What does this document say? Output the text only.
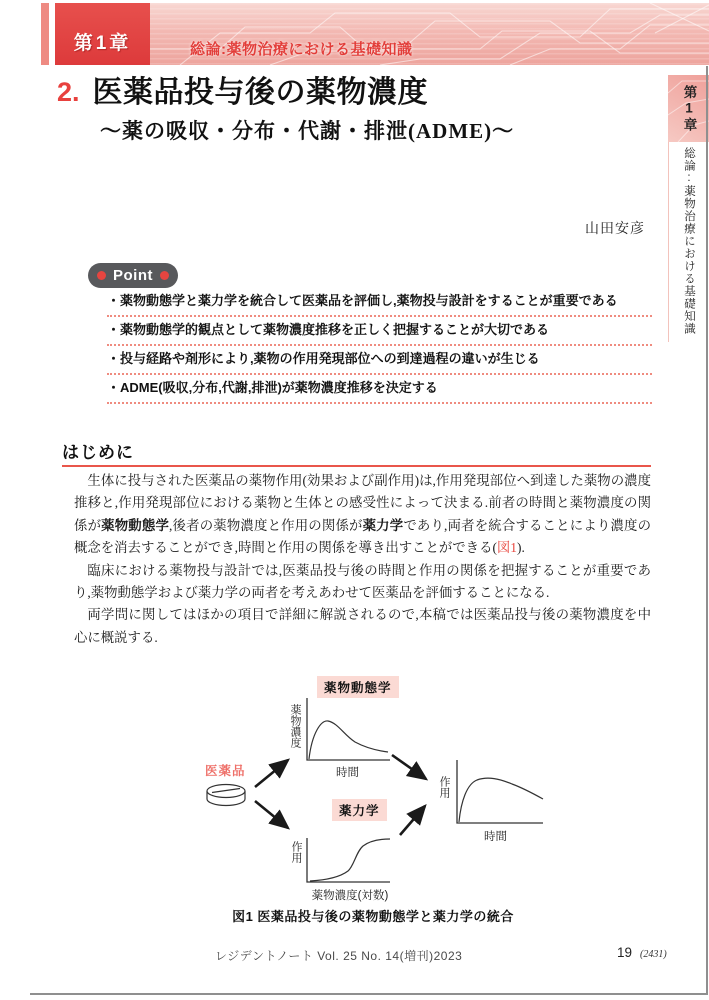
第1章	総論:薬物治療における基礎知識
第1章
総論:薬物治療における基礎知識
2. 医薬品投与後の薬物濃度
〜薬の吸収・分布・代謝・排泄(ADME)〜
山田安彦
Point
・薬物動態学と薬力学を統合して医薬品を評価し,薬物投与設計をすることが重要である
・薬物動態学的観点として薬物濃度推移を正しく把握することが大切である
・投与経路や剤形により,薬物の作用発現部位への到達過程の違いが生じる
・ADME(吸収,分布,代謝,排泄)が薬物濃度推移を決定する
はじめに

生体に投与された医薬品の薬物作用(効果および副作用)は,作用発現部位へ到達した薬物の濃度推移と,作用発現部位における薬物と生体との感受性によって決まる.前者の時間と薬物濃度の関係が薬物動態学,後者の薬物濃度と作用の関係が薬力学であり,両者を統合することにより濃度の概念を消去することができ,時間と作用の関係を導き出すことができる(図1).

臨床における薬物投与設計では,医薬品投与後の時間と作用の関係を把握することが重要であり,薬物動態学および薬力学の両者を考えあわせて医薬品を評価することになる.

両学問に関してはほかの項目で詳細に解説されるので,本稿では医薬品投与後の薬物濃度を中心に概説する.

医薬品
薬物動態学
薬物濃度
時間
薬力学
作用
薬物濃度(対数)
作用
時間
図1 医薬品投与後の薬物動態学と薬力学の統合
レジデントノート Vol. 25 No. 14(増刊)2023	19 (2431)
